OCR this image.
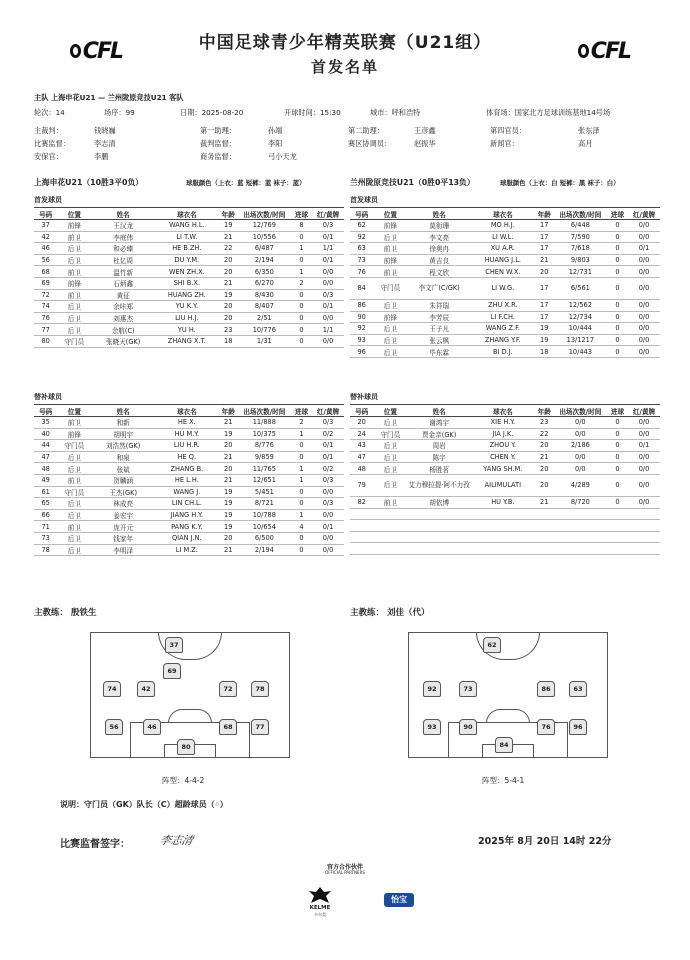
CFL	CFL
中国足球青少年精英联赛（U21组）
首发名单
主队 上海申花U21 — 兰州陇原竞技U21 客队
轮次：14	场序：99	日期：2025-08-20	开球时间：15:30	城市：呼和浩特	体育场：国家北方足球训练基地14号场
主裁判：	钱晓巍	第一助理：	孙端	第二助理：	王彦鑫	第四官员：	张东泽
比赛监督：	李志清	裁判监督：	李阳	赛区协调员：	赵振华	新闻官：	高月
安保官：	李鹏	商务监督：	弓小天龙
上海申花U21（10胜3平0负）	球服颜色（上衣：蓝 短裤：蓝 袜子：蓝）	兰州陇原竞技U21（0胜0平13负）	球服颜色（上衣：白 短裤：黑 袜子：白）
首发球员	首发球员
号码	位置	姓名	球衣名	年龄	出场次数/时间	进球	红/黄牌
37	前锋	王汉龙	WANG H.L.	19	12/769	8	0/3
42	前卫	李庭伟	LI T.W.	21	10/556	0	0/1
46	后卫	和必臻	HE B.ZH.	22	6/487	1	1/1
56	后卫	杜亿周	DU Y.M.	20	2/194	0	0/1
68	前卫	温竹新	WEN ZH.X.	20	6/350	1	0/0
69	前锋	石炳鑫	SHI B.X.	21	6/270	2	0/0
72	前卫	黄征	HUANG ZH.	19	8/430	0	0/3
74	后卫	余咔郑	YU K.Y.	20	8/407	0	0/1
76	后卫	刘惠杰	LIU H.J.	20	2/51	0	0/0
77	后卫	余航(C)	YU H.	23	10/776	0	1/1
80	守门员	张晓天(GK)	ZHANG X.T.	18	1/31	0	0/0
号码	位置	姓名	球衣名	年龄	出场次数/时间	进球	红/黄牌
62	前锋	莫衔珊	MO H.J.	17	6/448	0	0/0
92	后卫	李文亮	LI W.L.	17	7/590	0	0/0
63	前卫	徐奥冉	XU A.R.	17	7/618	0	0/1
73	前锋	黄吉良	HUANG J.L.	21	9/803	0	0/0
76	前卫	程文欣	CHEN W.X.	20	12/731	0	0/0
84	守门员	李文广(C/GK)	LI W.G.	17	6/561	0	0/0
86	后卫	朱祥瑞	ZHU X.R.	17	12/562	0	0/0
90	前锋	李芳辰	LI F.CH.	17	12/734	0	0/0
92	后卫	王子凡	WANG Z.F.	19	10/444	0	0/0
93	后卫	张云枫	ZHANG Y.F.	19	13/1217	0	0/0
96	后卫	毕东霖	BI D.J.	18	10/443	0	0/0
替补球员	替补球员
号码	位置	姓名	球衣名	年龄	出场次数/时间	进球	红/黄牌
35	前卫	和新	HE X.	21	11/888	2	0/3
40	前锋	胡明宇	HU M.Y.	19	10/375	1	0/2
44	守门员	刘浩然(GK)	LIU H.R.	20	8/776	0	0/1
47	后卫	和泉	HE Q.	21	9/859	0	0/1
48	后卫	张斌	ZHANG B.	20	11/765	1	0/2
49	前卫	贺麟涵	HE L.H.	21	12/651	1	0/3
61	守门员	王杰(GK)	WANG J.	19	5/451	0	0/0
65	后卫	林成亮	LIN CH.L.	19	8/721	0	0/3
66	后卫	姜宏宇	JIANG H.Y.	19	10/788	1	0/0
71	前卫	庞开元	PANG K.Y.	19	10/654	4	0/1
73	后卫	钱家年	QIAN J.N.	20	6/500	0	0/0
78	后卫	李明泽	LI M.Z.	21	2/194	0	0/0
号码	位置	姓名	球衣名	年龄	出场次数/时间	进球	红/黄牌
20	后卫	谢鸿宇	XIE H.Y.	23	0/0	0	0/0
24	守门员	贾金亲(GK)	JIA J.K.	22	0/0	0	0/0
43	后卫	周岩	ZHOU Y.	20	2/186	0	0/1
47	后卫	陈宇	CHEN Y.	21	0/0	0	0/0
48	后卫	杨胜茗	YANG SH.M.	20	0/0	0	0/0
79	后卫	艾力穆拉提·阿不力孜	AILIMULATI	20	4/289	0	0/0
82	前卫	胡依博	HU Y.B.	21	8/720	0	0/0

主教练： 殷铁生	主教练： 刘佳（代）
37
74	42
69
72	78
46	68	77
80
56
62
92	73	86	63
93	90	76
84
96
阵型：4-4-2	阵型：5-4-1
说明：守门员（GK）队长（C）超龄球员（◦）
比赛监督签字：	李志清	2025年 8月 20日 14时 22分
官方合作伙伴
OFFICIAL PARTNERS
KELME
卡尔美
怡宝
